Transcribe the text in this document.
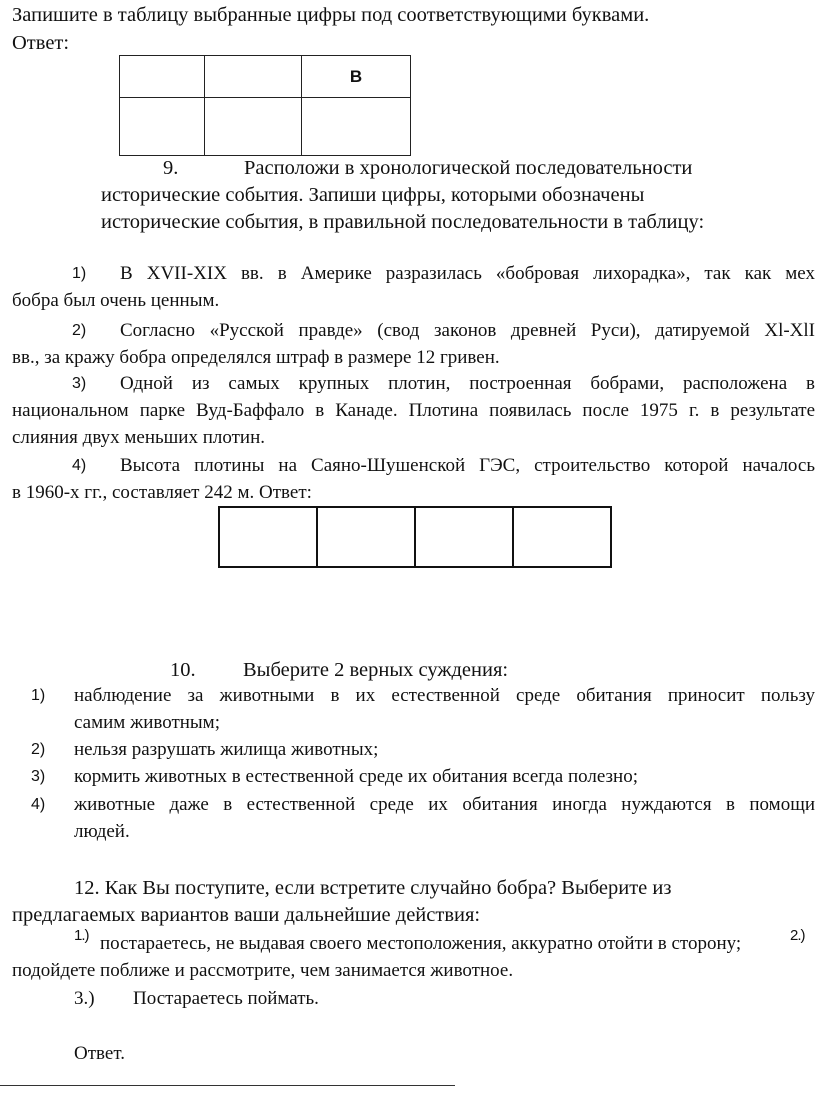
Запишите в таблицу выбранные цифры под соответствующими буквами.
Ответ:
		В

9.	Расположи в хронологической последовательности
исторические события. Запиши цифры, которыми обозначены
исторические события, в правильной последовательности в таблицу:
1) В XVII-XIX вв. в Америке разразилась «бобровая лихорадка», так как мех
бобра был очень ценным.
2) Согласно «Русской правде» (свод законов древней Руси), датируемой Xl-XlI
вв., за кражу бобра определялся штраф в размере 12 гривен.
3) Одной из самых крупных плотин, построенная бобрами, расположена в
национальном парке Вуд-Баффало в Канаде. Плотина появилась после 1975 г. в результате
слияния двух меньших плотин.
4) Высота плотины на Саяно-Шушенской ГЭС, строительство которой началось
в 1960-х гг., составляет 242 м. Ответ:

10. Выберите 2 верных суждения:
1) наблюдение за животными в их естественной среде обитания приносит пользу
самим животным;
2) нельзя разрушать жилища животных;
3) кормить животных в естественной среде их обитания всегда полезно;
4) животные даже в естественной среде их обитания иногда нуждаются в помощи
людей.
12. Как Вы поступите, если встретите случайно бобра? Выберите из
предлагаемых вариантов ваши дальнейшие действия:
1.) постараетесь, не выдавая своего местоположения, аккуратно отойти в сторону;	2.)
подойдете поближе и рассмотрите, чем занимается животное.
3.) Постараетесь поймать.
Ответ.
